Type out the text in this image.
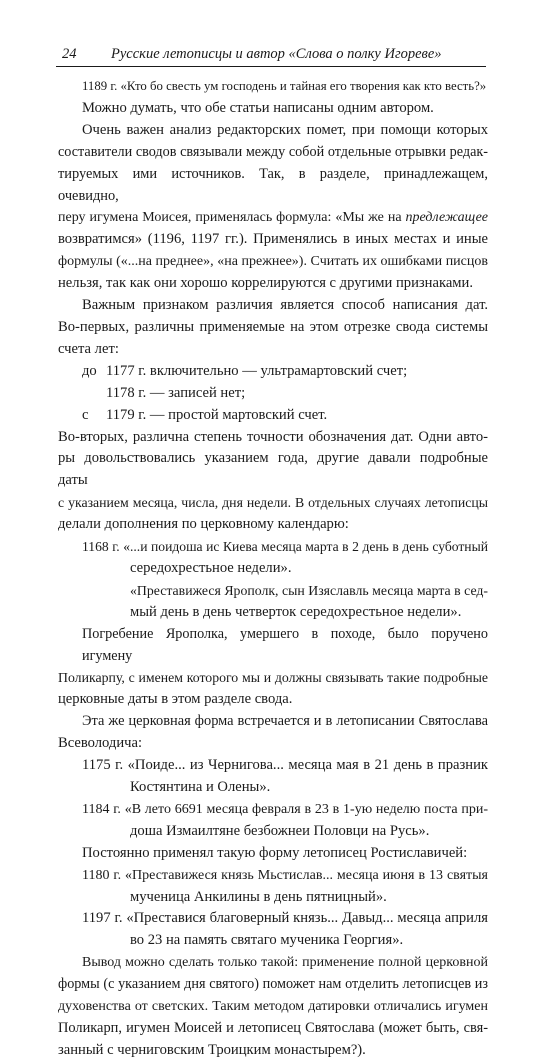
24 Русские летописцы и автор «Слова о полку Игореве»

1189 г. «Кто бо свесть ум господень и тайная его творения как кто весть?»
Можно думать, что обе статьи написаны одним автором.

Очень важен анализ редакторских помет, при помощи которых
составители сводов связывали между собой отдельные отрывки редак-
тируемых ими источников. Так, в разделе, принадлежащем, очевидно,
перу игумена Моисея, применялась формула: «Мы же на предлежащее
возвратимся» (1196, 1197 гг.). Применялись в иных местах и иные
формулы («...на преднее», «на прежнее»). Считать их ошибками писцов
нельзя, так как они хорошо коррелируются с другими признаками.

Важным признаком различия является способ написания дат.
Во-первых, различны применяемые на этом отрезке свода системы
счета лет:

до 1177 г. включительно — ультрамартовский счет;
1178 г. — записей нет;
с 1179 г. — простой мартовский счет.

Во-вторых, различна степень точности обозначения дат. Одни авто-
ры довольствовались указанием года, другие давали подробные даты
с указанием месяца, числа, дня недели. В отдельных случаях летописцы
делали дополнения по церковному календарю:

1168 г. «...и поидоша ис Киева месяца марта в 2 день в день суботный
середохрестьное недели».
«Преставижеся Ярополк, сын Изяславль месяца марта в сед-
мый день в день четверток середохрестьное недели».

Погребение Ярополка, умершего в походе, было поручено игумену
Поликарпу, с именем которого мы и должны связывать такие подробные
церковные даты в этом разделе свода.

Эта же церковная форма встречается и в летописании Святослава
Всеволодича:

1175 г. «Поиде... из Чернигова... месяца мая в 21 день в празник
Костянтина и Олены».
1184 г. «В лето 6691 месяца февраля в 23 в 1-ую неделю поста при-
доша Измаилтяне безбожнеи Половци на Русь».

Постоянно применял такую форму летописец Ростиславичей:

1180 г. «Преставижеся князь Мьстислав... месяца июня в 13 святыя
мученица Анкилины в день пятницный».
1197 г. «Преставися благоверный князь... Давыд... месяца априля
во 23 на память святаго мученика Георгия».

Вывод можно сделать только такой: применение полной церковной
формы (с указанием дня святого) поможет нам отделить летописцев из
духовенства от светских. Таким методом датировки отличались игумен
Поликарп, игумен Моисей и летописец Святослава (может быть, свя-
занный с черниговским Троицким монастырем?).
